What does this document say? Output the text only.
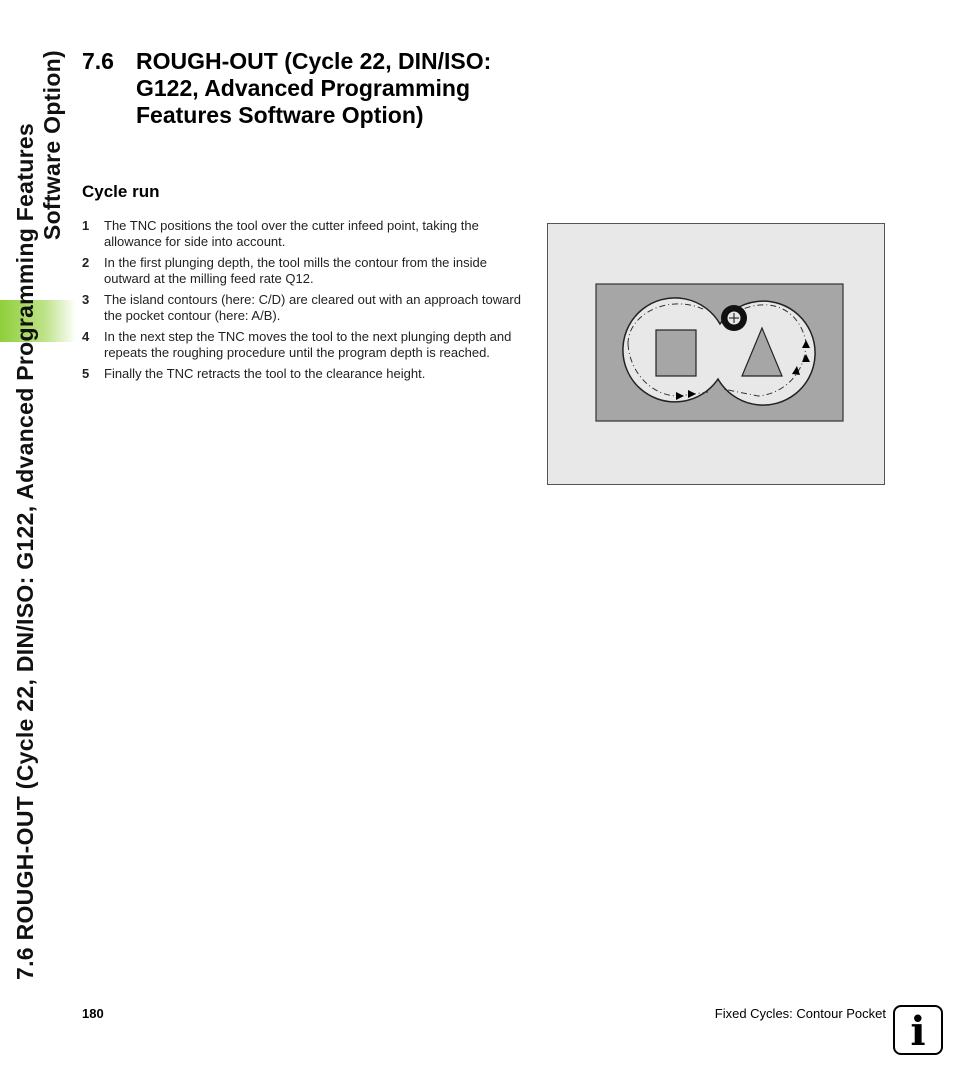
7.6 ROUGH-OUT (Cycle 22, DIN/ISO: G122, Advanced Programming Features Software Option) 7.6 ROUGH-OUT (Cycle 22, DIN/ISO: G122, Advanced Programming Features Software Option)
Cycle run
1 The TNC positions the tool over the cutter infeed point, taking the allowance for side into account.
2 In the first plunging depth, the tool mills the contour from the inside outward at the milling feed rate Q12.
3 The island contours (here: C/D) are cleared out with an approach toward the pocket contour (here: A/B).
4 In the next step the TNC moves the tool to the next plunging depth and repeats the roughing procedure until the program depth is reached.
5 Finally the TNC retracts the tool to the clearance height.
180	Fixed Cycles: Contour Pocket i
